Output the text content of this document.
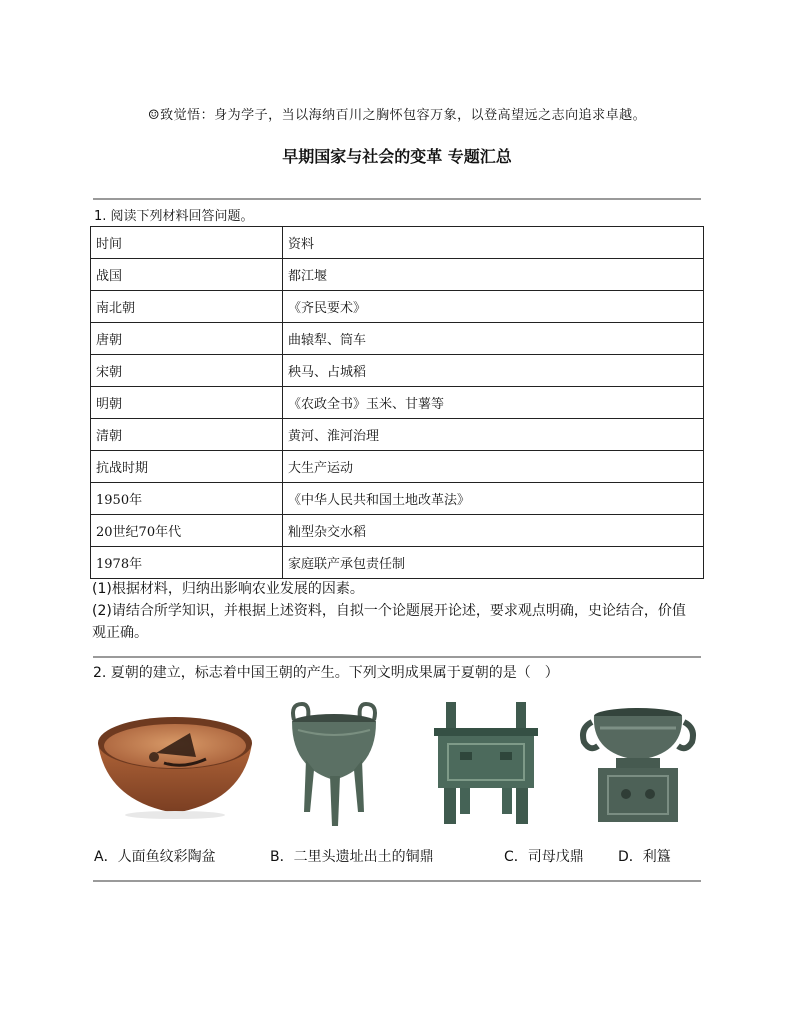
☺致觉悟：身为学子，当以海纳百川之胸怀包容万象，以登高望远之志向追求卓越。
早期国家与社会的变革 专题汇总
1. 阅读下列材料回答问题。
时间	资料
战国	都江堰
南北朝	《齐民要术》
唐朝	曲辕犁、筒车
宋朝	秧马、占城稻
明朝	《农政全书》玉米、甘薯等
清朝	黄河、淮河治理
抗战时期	大生产运动
1950年	《中华人民共和国土地改革法》
20世纪70年代	籼型杂交水稻
1978年	家庭联产承包责任制
(1)根据材料，归纳出影响农业发展的因素。
(2)请结合所学知识，并根据上述资料，自拟一个论题展开论述，要求观点明确，史论结合，价值观正确。
2. 夏朝的建立，标志着中国王朝的产生。下列文明成果属于夏朝的是（　）
A．人面鱼纹彩陶盆	B．二里头遗址出土的铜鼎	C．司母戊鼎 D．利簋
